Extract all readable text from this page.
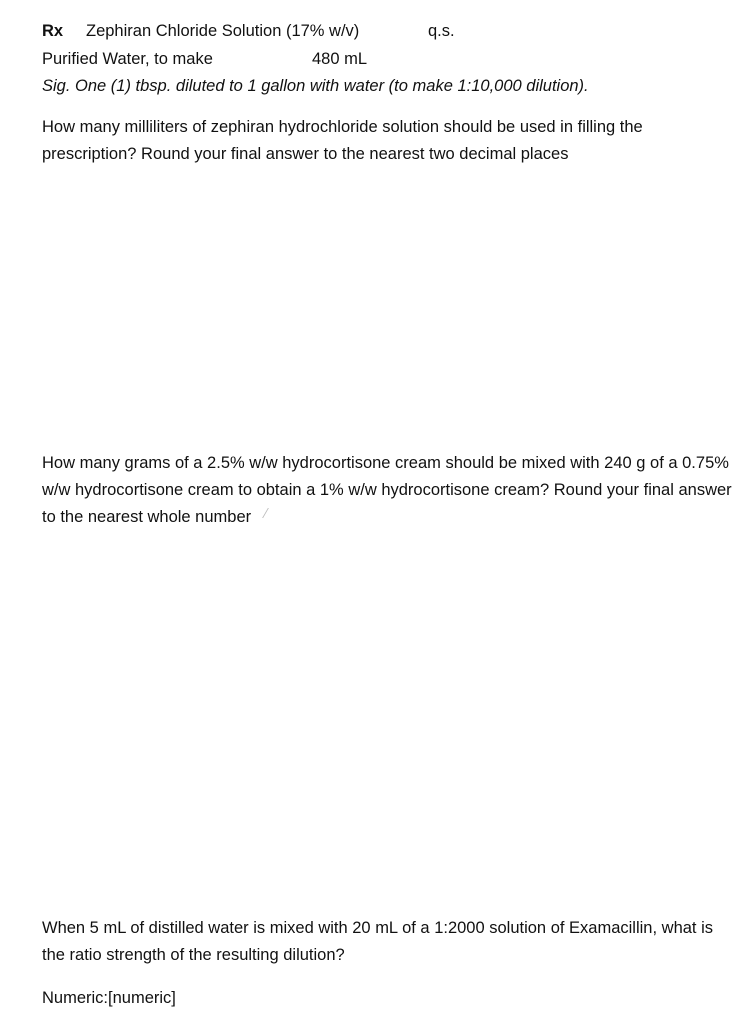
Rx Zephiran Chloride Solution (17% w/v)	q.s.
Purified Water, to make	480 mL
Sig. One (1) tbsp. diluted to 1 gallon with water (to make 1:10,000 dilution).
How many milliliters of zephiran hydrochloride solution should be used in filling the prescription? Round your final answer to the nearest two decimal places
How many grams of a 2.5% w/w hydrocortisone cream should be mixed with 240 g of a 0.75% w/w hydrocortisone cream to obtain a 1% w/w hydrocortisone cream? Round your final answer to the nearest whole number
When 5 mL of distilled water is mixed with 20 mL of a 1:2000 solution of Examacillin, what is the ratio strength of the resulting dilution?
Numeric:[numeric]
